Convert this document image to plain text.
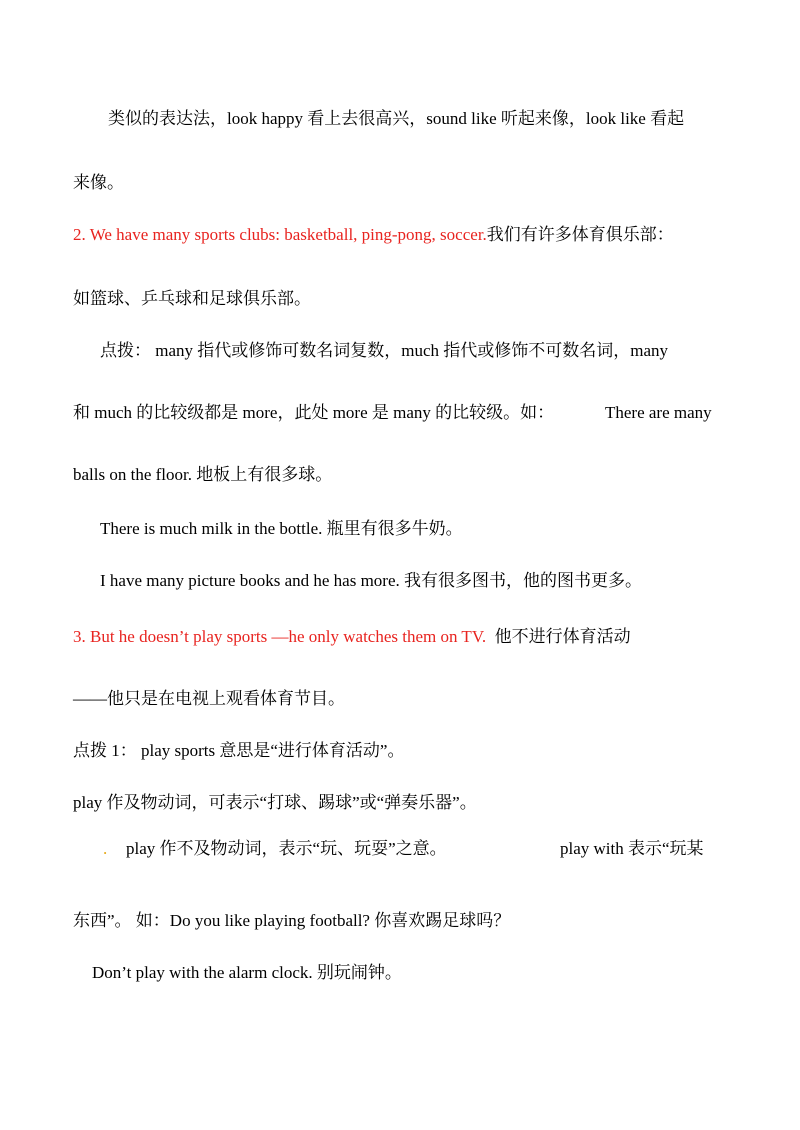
类似的表达法，look happy 看上去很高兴，sound like 听起来像，look like 看起
来像。
2. We have many sports clubs: basketball, ping-pong, soccer.我们有许多体育俱乐部：
如篮球、乒乓球和足球俱乐部。
点拨： many 指代或修饰可数名词复数，much 指代或修饰不可数名词，many
和 much 的比较级都是 more，此处 more 是 many 的比较级。如：	There are many
balls on the floor. 地板上有很多球。
There is much milk in the bottle. 瓶里有很多牛奶。
I have many picture books and he has more. 我有很多图书，他的图书更多。
3. But he doesn’t play sports —he only watches them on TV. 他不进行体育活动
——他只是在电视上观看体育节目。
点拨 1： play sports 意思是“进行体育活动”。
play 作及物动词，可表示“打球、踢球”或“弹奏乐器”。
. play 作不及物动词，表示“玩、玩耍”之意。	play with 表示“玩某
东西”。 如：Do you like playing football? 你喜欢踢足球吗？
Don’t play with the alarm clock. 别玩闹钟。
